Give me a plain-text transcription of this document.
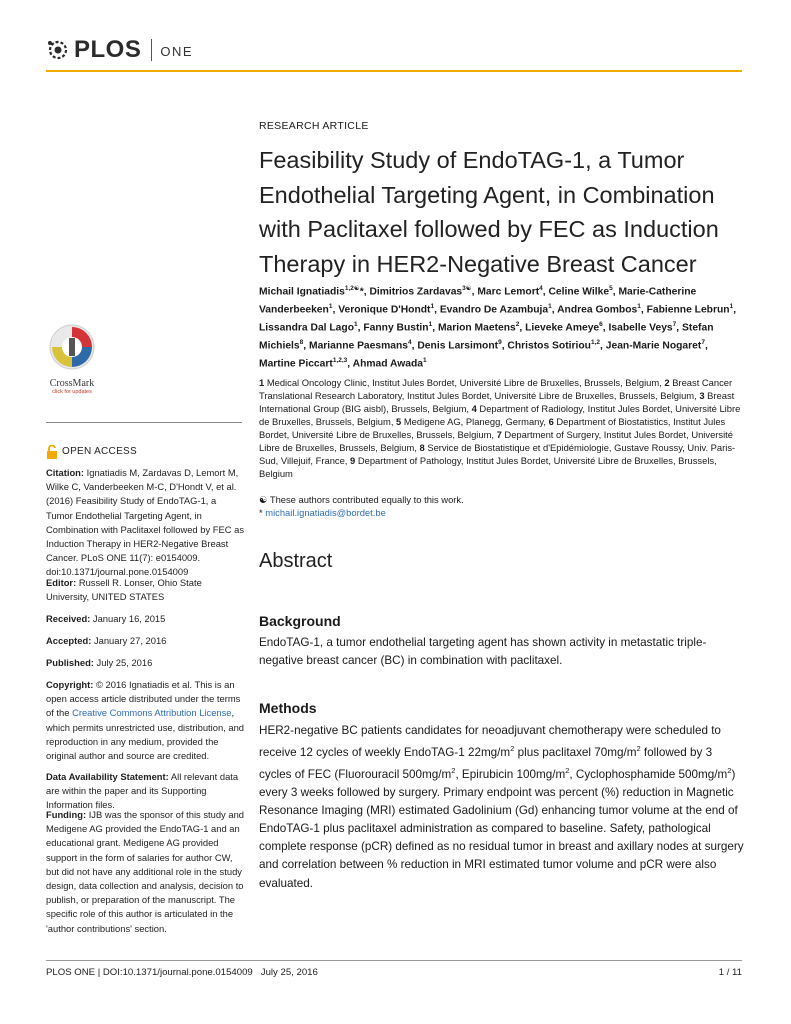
PLOS ONE
CrossMark
click for updates
OPEN ACCESS
Citation: Ignatiadis M, Zardavas D, Lemort M, Wilke C, Vanderbeeken M-C, D'Hondt V, et al. (2016) Feasibility Study of EndoTAG-1, a Tumor Endothelial Targeting Agent, in Combination with Paclitaxel followed by FEC as Induction Therapy in HER2-Negative Breast Cancer. PLoS ONE 11(7): e0154009. doi:10.1371/journal.pone.0154009
Editor: Russell R. Lonser, Ohio State University, UNITED STATES
Received: January 16, 2015
Accepted: January 27, 2016
Published: July 25, 2016
Copyright: © 2016 Ignatiadis et al. This is an open access article distributed under the terms of the Creative Commons Attribution License, which permits unrestricted use, distribution, and reproduction in any medium, provided the original author and source are credited.
Data Availability Statement: All relevant data are within the paper and its Supporting Information files.
Funding: IJB was the sponsor of this study and Medigene AG provided the EndoTAG-1 and an educational grant. Medigene AG provided support in the form of salaries for author CW, but did not have any additional role in the study design, data collection and analysis, decision to publish, or preparation of the manuscript. The specific role of this author is articulated in the 'author contributions' section.
RESEARCH ARTICLE
Feasibility Study of EndoTAG-1, a Tumor Endothelial Targeting Agent, in Combination with Paclitaxel followed by FEC as Induction Therapy in HER2-Negative Breast Cancer
Michail Ignatiadis$^{1,2☯}$*, Dimitrios Zardavas$^{3☯}$, Marc Lemort$^4$, Celine Wilke$^5$, Marie-Catherine Vanderbeeken$^1$, Veronique D'Hondt$^1$, Evandro De Azambuja$^1$, Andrea Gombos$^1$, Fabienne Lebrun$^1$, Lissandra Dal Lago$^1$, Fanny Bustin$^1$, Marion Maetens$^2$, Lieveke Ameye$^6$, Isabelle Veys$^7$, Stefan Michiels$^8$, Marianne Paesmans$^4$, Denis Larsimont$^9$, Christos Sotiriou$^{1,2}$, Jean-Marie Nogaret$^7$, Martine Piccart$^{1,2,3}$, Ahmad Awada$^1$
1 Medical Oncology Clinic, Institut Jules Bordet, Université Libre de Bruxelles, Brussels, Belgium, 2 Breast Cancer Translational Research Laboratory, Institut Jules Bordet, Université Libre de Bruxelles, Brussels, Belgium, 3 Breast International Group (BIG aisbl), Brussels, Belgium, 4 Department of Radiology, Institut Jules Bordet, Université Libre de Bruxelles, Brussels, Belgium, 5 Medigene AG, Planegg, Germany, 6 Department of Biostatistics, Institut Jules Bordet, Université Libre de Bruxelles, Brussels, Belgium, 7 Department of Surgery, Institut Jules Bordet, Université Libre de Bruxelles, Brussels, Belgium, 8 Service de Biostatistique et d'Epidémiologie, Gustave Roussy, Univ. Paris-Sud, Villejuif, France, 9 Department of Pathology, Institut Jules Bordet, Université Libre de Bruxelles, Brussels, Belgium
☯ These authors contributed equally to this work.
* michail.ignatiadis@bordet.be
Abstract
Background
EndoTAG-1, a tumor endothelial targeting agent has shown activity in metastatic triple-negative breast cancer (BC) in combination with paclitaxel.
Methods
HER2-negative BC patients candidates for neoadjuvant chemotherapy were scheduled to receive 12 cycles of weekly EndoTAG-1 $22mg/m^2$ plus paclitaxel $70mg/m^2$ followed by 3 cycles of FEC (Fluorouracil $500mg/m^2$, Epirubicin $100mg/m^2$, Cyclophosphamide $500mg/m^2$) every 3 weeks followed by surgery. Primary endpoint was percent (%) reduction in Magnetic Resonance Imaging (MRI) estimated Gadolinium (Gd) enhancing tumor volume at the end of EndoTAG-1 plus paclitaxel administration as compared to baseline. Safety, pathological complete response (pCR) defined as no residual tumor in breast and axillary nodes at surgery and correlation between % reduction in MRI estimated tumor volume and pCR were also evaluated.
PLOS ONE | DOI:10.1371/journal.pone.0154009 July 25, 2016	1 / 11
